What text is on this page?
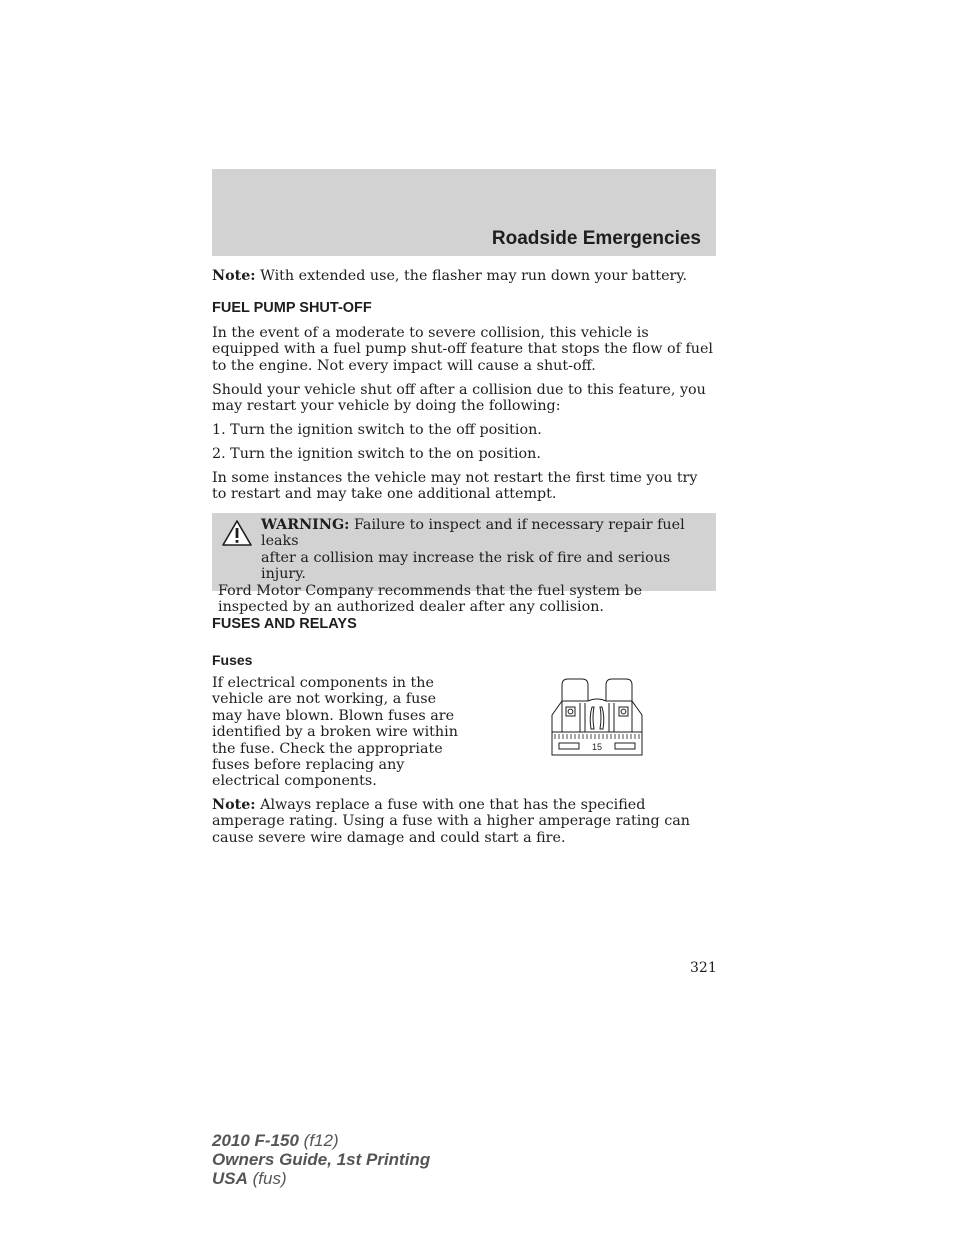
Roadside Emergencies

Note: With extended use, the flasher may run down your battery.

FUEL PUMP SHUT-OFF

In the event of a moderate to severe collision, this vehicle is equipped with a fuel pump shut-off feature that stops the flow of fuel to the engine. Not every impact will cause a shut-off.

Should your vehicle shut off after a collision due to this feature, you may restart your vehicle by doing the following:

1. Turn the ignition switch to the off position.

2. Turn the ignition switch to the on position.

In some instances the vehicle may not restart the first time you try to restart and may take one additional attempt.

WARNING: Failure to inspect and if necessary repair fuel leaks
after a collision may increase the risk of fire and serious injury.
Ford Motor Company recommends that the fuel system be inspected by an authorized dealer after any collision.
FUSES AND RELAYS
Fuses

If electrical components in the vehicle are not working, a fuse may have blown. Blown fuses are identified by a broken wire within the fuse. Check the appropriate fuses before replacing any electrical components.

15

Note: Always replace a fuse with one that has the specified amperage rating. Using a fuse with a higher amperage rating can cause severe wire damage and could start a fire.

321
2010 F-150 (f12)
Owners Guide, 1st Printing
USA (fus)
